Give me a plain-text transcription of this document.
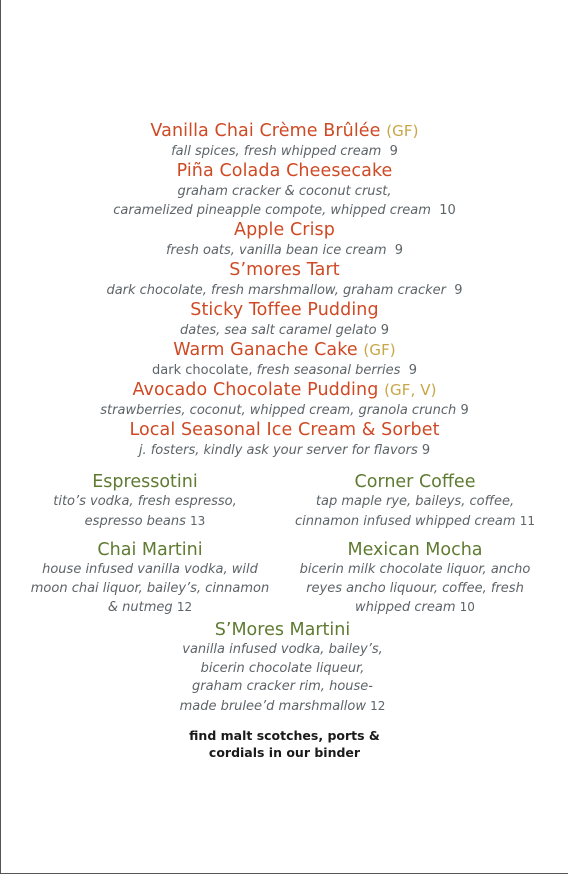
Vanilla Chai Crème Brûlée (GF)
fall spices, fresh whipped cream 9
Piña Colada Cheesecake
graham cracker & coconut crust,
caramelized pineapple compote, whipped cream 10
Apple Crisp
fresh oats, vanilla bean ice cream 9
S’mores Tart
dark chocolate, fresh marshmallow, graham cracker 9
Sticky Toffee Pudding
dates, sea salt caramel gelato 9
Warm Ganache Cake (GF)
dark chocolate, fresh seasonal berries 9
Avocado Chocolate Pudding (GF, V)
strawberries, coconut, whipped cream, granola crunch 9
Local Seasonal Ice Cream & Sorbet
j. fosters, kindly ask your server for flavors 9
Espressotini
tito’s vodka, fresh espresso,
espresso beans 13
Corner Coffee
tap maple rye, baileys, coffee,
cinnamon infused whipped cream 11
Chai Martini
house infused vanilla vodka, wild
moon chai liquor, bailey’s, cinnamon
& nutmeg 12
Mexican Mocha
bicerin milk chocolate liquor, ancho
reyes ancho liquour, coffee, fresh
whipped cream 10
S’Mores Martini
vanilla infused vodka, bailey’s,
bicerin chocolate liqueur,
graham cracker rim, house-
made brulee’d marshmallow 12
find malt scotches, ports &
cordials in our binder
